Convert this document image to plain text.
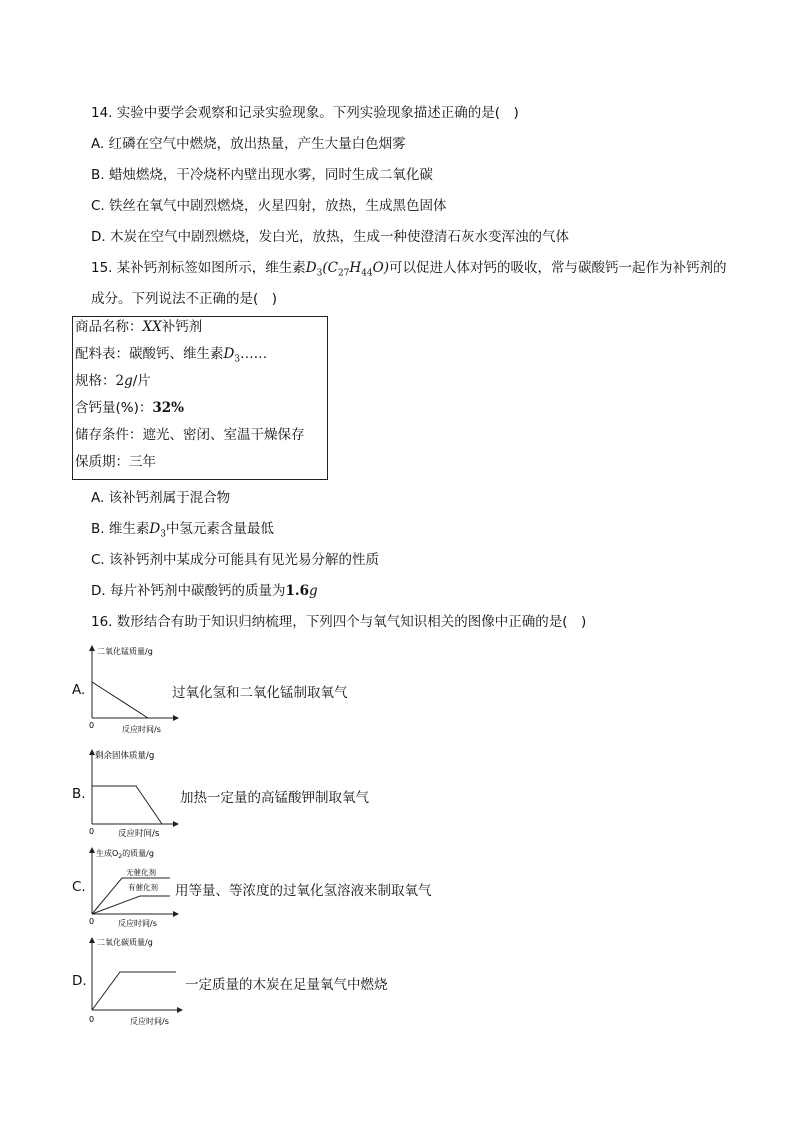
14. 实验中要学会观察和记录实验现象。下列实验现象描述正确的是(　)
A. 红磷在空气中燃烧，放出热量，产生大量白色烟雾
B. 蜡烛燃烧，干冷烧杯内壁出现水雾，同时生成二氧化碳
C. 铁丝在氧气中剧烈燃烧，火星四射，放热，生成黑色固体
D. 木炭在空气中剧烈燃烧，发白光，放热，生成一种使澄清石灰水变浑浊的气体
15. 某补钙剂标签如图所示，维生素$D_3(C_{27}H_{44}O)$可以促进人体对钙的吸收，常与碳酸钙一起作为补钙剂的
成分。下列说法不正确的是(　)
商品名称：XX补钙剂
配料表：碳酸钙、维生素$D_3\dots\dots$
规格：2g/片
含钙量(%)：32%
储存条件：遮光、密闭、室温干燥保存
保质期：三年
A. 该补钙剂属于混合物
B. 维生素$D_3$中氢元素含量最低
C. 该补钙剂中某成分可能具有见光易分解的性质
D. 每片补钙剂中碳酸钙的质量为1.6g
16. 数形结合有助于知识归纳梳理，下列四个与氧气知识相关的图像中正确的是(　)
A.
二氧化锰质量/g
反应时间/s
0
过氧化氢和二氧化锰制取氧气
B.
剩余固体质量/g
反应时间/s
0
加热一定量的高锰酸钾制取氧气
C.
生成$O_2$的质量/g
无催化剂
有催化剂
反应时间/s
0
用等量、等浓度的过氧化氢溶液来制取氧气
D.
二氧化碳质量/g
反应时间/s
0
一定质量的木炭在足量氧气中燃烧
